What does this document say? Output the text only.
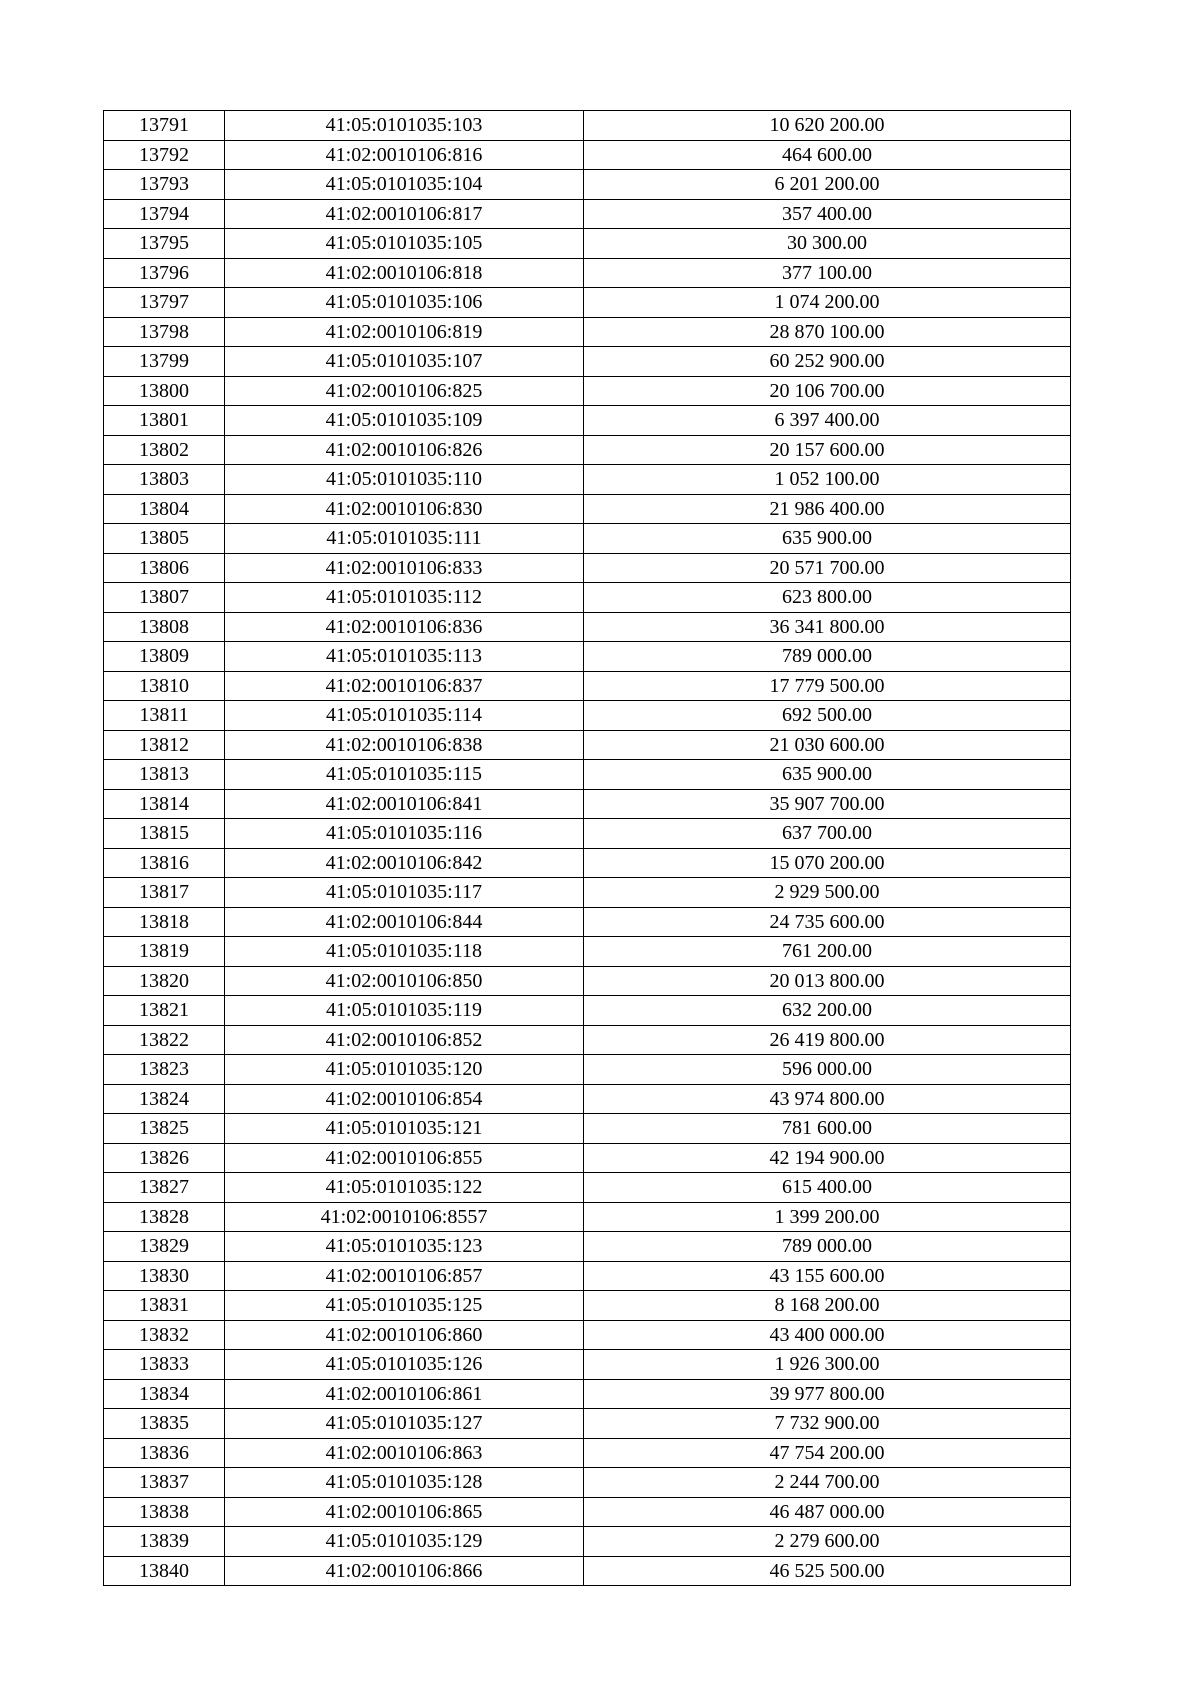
13791	41:05:0101035:103	10 620 200.00
13792	41:02:0010106:816	464 600.00
13793	41:05:0101035:104	6 201 200.00
13794	41:02:0010106:817	357 400.00
13795	41:05:0101035:105	30 300.00
13796	41:02:0010106:818	377 100.00
13797	41:05:0101035:106	1 074 200.00
13798	41:02:0010106:819	28 870 100.00
13799	41:05:0101035:107	60 252 900.00
13800	41:02:0010106:825	20 106 700.00
13801	41:05:0101035:109	6 397 400.00
13802	41:02:0010106:826	20 157 600.00
13803	41:05:0101035:110	1 052 100.00
13804	41:02:0010106:830	21 986 400.00
13805	41:05:0101035:111	635 900.00
13806	41:02:0010106:833	20 571 700.00
13807	41:05:0101035:112	623 800.00
13808	41:02:0010106:836	36 341 800.00
13809	41:05:0101035:113	789 000.00
13810	41:02:0010106:837	17 779 500.00
13811	41:05:0101035:114	692 500.00
13812	41:02:0010106:838	21 030 600.00
13813	41:05:0101035:115	635 900.00
13814	41:02:0010106:841	35 907 700.00
13815	41:05:0101035:116	637 700.00
13816	41:02:0010106:842	15 070 200.00
13817	41:05:0101035:117	2 929 500.00
13818	41:02:0010106:844	24 735 600.00
13819	41:05:0101035:118	761 200.00
13820	41:02:0010106:850	20 013 800.00
13821	41:05:0101035:119	632 200.00
13822	41:02:0010106:852	26 419 800.00
13823	41:05:0101035:120	596 000.00
13824	41:02:0010106:854	43 974 800.00
13825	41:05:0101035:121	781 600.00
13826	41:02:0010106:855	42 194 900.00
13827	41:05:0101035:122	615 400.00
13828	41:02:0010106:8557	1 399 200.00
13829	41:05:0101035:123	789 000.00
13830	41:02:0010106:857	43 155 600.00
13831	41:05:0101035:125	8 168 200.00
13832	41:02:0010106:860	43 400 000.00
13833	41:05:0101035:126	1 926 300.00
13834	41:02:0010106:861	39 977 800.00
13835	41:05:0101035:127	7 732 900.00
13836	41:02:0010106:863	47 754 200.00
13837	41:05:0101035:128	2 244 700.00
13838	41:02:0010106:865	46 487 000.00
13839	41:05:0101035:129	2 279 600.00
13840	41:02:0010106:866	46 525 500.00
